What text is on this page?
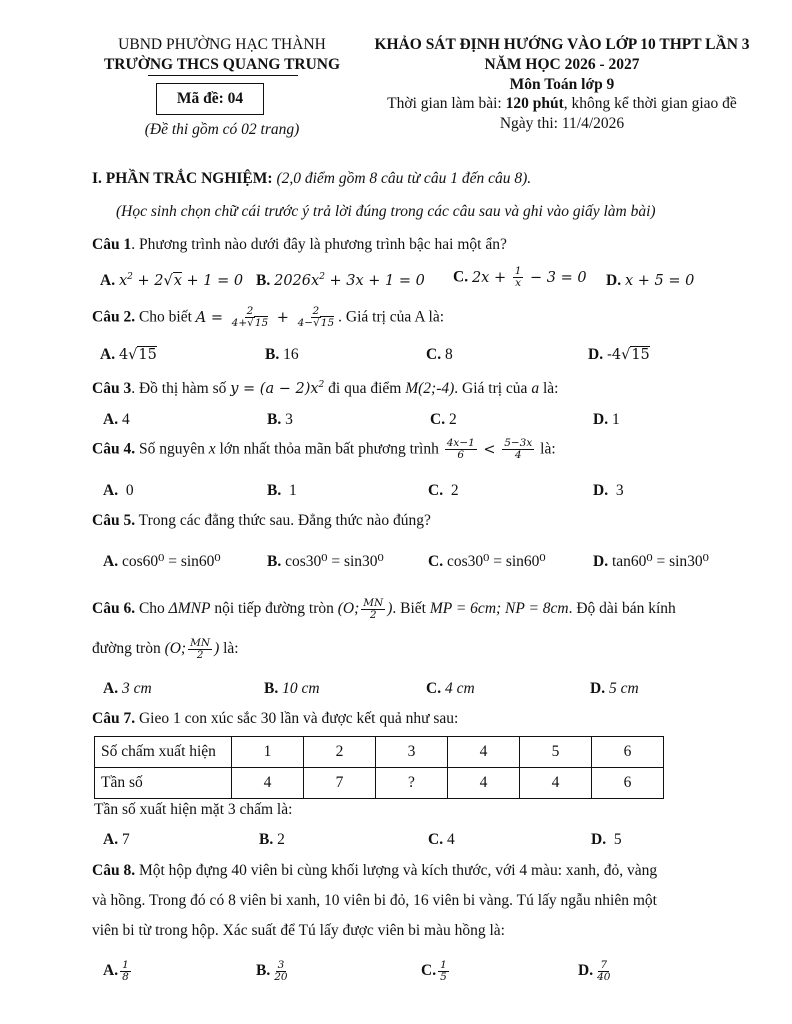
UBND PHƯỜNG HẠC THÀNH
TRƯỜNG THCS QUANG TRUNG
Mã đề: 04
(Đề thi gồm có 02 trang)
KHẢO SÁT ĐỊNH HƯỚNG VÀO LỚP 10 THPT LẦN 3
NĂM HỌC 2026 - 2027
Môn Toán lớp 9
Thời gian làm bài: 120 phút, không kể thời gian giao đề
Ngày thi: 11/4/2026
I. PHẦN TRẮC NGHIỆM: (2,0 điểm gồm 8 câu từ câu 1 đến câu 8).
(Học sinh chọn chữ cái trước ý trả lời đúng trong các câu sau và ghi vào giấy làm bài)
Câu 1. Phương trình nào dưới đây là phương trình bậc hai một ẩn?
A. $x^2 + 2√x + 1 = 0$ B. $2026x^2 + 3x + 1 = 0$ C. $2x + \frac{1}{x} - 3 = 0$ D. x + 5 = 0
Câu 2. Cho biết $A = \frac{2}{4+√15} + \frac{2}{4-√15}$ . Giá trị của A là:
A. 4√15	B. 16	C. 8	D. -4√15
Câu 3. Đồ thị hàm số $y = (a - 2)x^2$ đi qua điểm M(2;-4). Giá trị của a là:
A. 4	B. 3	C. 2	D. 1
Câu 4. Số nguyên x lớn nhất thỏa mãn bất phương trình $\frac{4x-1}{6} < \frac{5-3x}{4}$ là:
A. 0	B. 1	C. 2	D. 3
Câu 5. Trong các đẳng thức sau. Đẳng thức nào đúng?
A. cos60⁰ = sin60⁰	B. cos30⁰ = sin30⁰	C. cos30⁰ = sin60⁰	D. tan60⁰ = sin30⁰
Câu 6. Cho ΔMNP nội tiếp đường tròn (O; $\frac{MN}{2}$ ). Biết MP = 6cm; NP = 8cm. Độ dài bán kính
đường tròn (O; $\frac{MN}{2}$ ) là:
A. 3 cm	B. 10 cm	C. 4 cm	D. 5 cm
Câu 7. Gieo 1 con xúc sắc 30 lần và được kết quả như sau:
Số chấm xuất hiện	1	2	3	4	5	6
Tần số	4	7	?	4	4	6
Tần số xuất hiện mặt 3 chấm là:
A. 7	B. 2	C. 4	D. 5
Câu 8. Một hộp đựng 40 viên bi cùng khối lượng và kích thước, với 4 màu: xanh, đỏ, vàng
và hồng. Trong đó có 8 viên bi xanh, 10 viên bi đỏ, 16 viên bi vàng. Tú lấy ngẫu nhiên một
viên bi từ trong hộp. Xác suất để Tú lấy được viên bi màu hồng là:
A. $\frac{1}{8}$	B. $\frac{3}{20}$	C. $\frac{1}{5}$	D. $\frac{7}{40}$
